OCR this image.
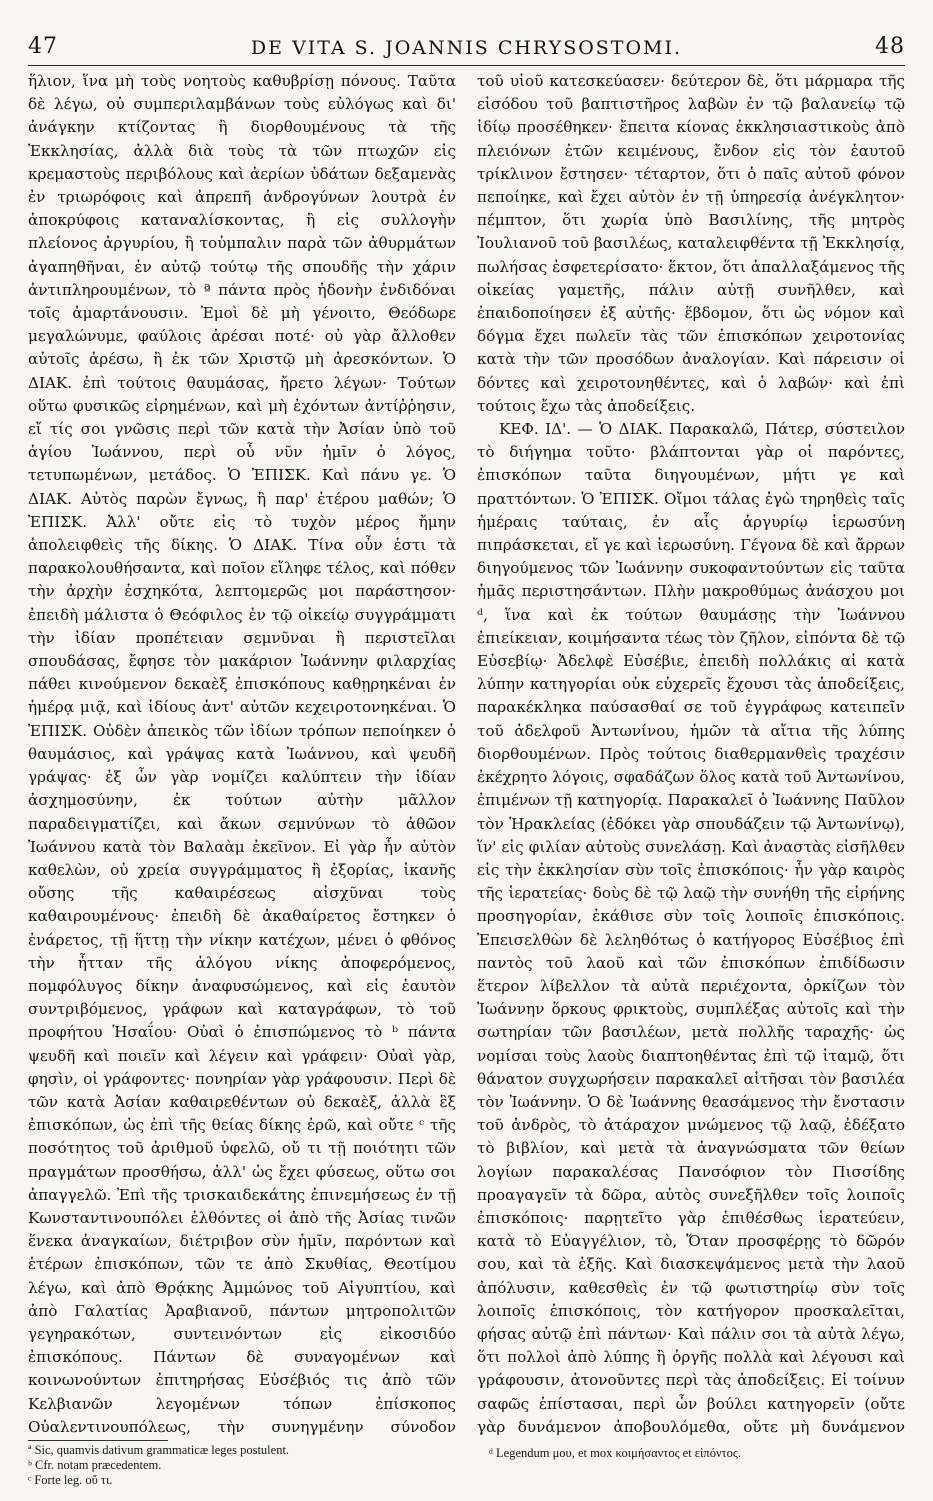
47	DE VITA S. JOANNIS CHRYSOSTOMI.	48

ἥλιον, ἵνα μὴ τοὺς νοητοὺς καθυβρίσῃ πόνους. Ταῦτα δὲ λέγω, οὐ συμπεριλαμβάνων τοὺς εὐλόγως καὶ δι' ἀνάγκην κτίζοντας ἢ διορθουμένους τὰ τῆς Ἐκκλησίας, ἀλλὰ διὰ τοὺς τὰ τῶν πτωχῶν εἰς κρεμαστοὺς περιβόλους καὶ ἀερίων ὑδάτων δεξαμενὰς ἐν τριωρόφοις καὶ ἀπρεπῆ ἀνδρογύνων λουτρὰ ἐν ἀποκρύφοις καταναλίσκοντας, ἢ εἰς συλλογὴν πλείονος ἀργυρίου, ἢ τοὐμπαλιν παρὰ τῶν ἀθυρμάτων ἀγαπηθῆναι, ἐν αὐτῷ τούτῳ τῆς σπουδῆς τὴν χάριν ἀντιπληρουμένων, τὸ ª πάντα πρὸς ἡδονὴν ἐνδιδόναι τοῖς ἁμαρτάνουσιν. Ἐμοὶ δὲ μὴ γένοιτο, Θεόδωρε μεγαλώνυμε, φαύλοις ἀρέσαι ποτέ· οὐ γὰρ ἄλλοθεν αὐτοῖς ἀρέσω, ἢ ἐκ τῶν Χριστῷ μὴ ἀρεσκόντων. Ὁ ΔΙΑΚ. ἐπὶ τούτοις θαυμάσας, ἤρετο λέγων· Τούτων οὕτω φυσικῶς εἰρημένων, καὶ μὴ ἐχόντων ἀντίῤῥησιν, εἴ τίς σοι γνῶσις περὶ τῶν κατὰ τὴν Ἀσίαν ὑπὸ τοῦ ἁγίου Ἰωάννου, περὶ οὗ νῦν ἡμῖν ὁ λόγος, τετυπωμένων, μετάδος. Ὁ ἘΠΙΣΚ. Καὶ πάνυ γε. Ὁ ΔΙΑΚ. Αὐτὸς παρὼν ἔγνως, ἢ παρ' ἑτέρου μαθών; Ὁ ἘΠΙΣΚ. Ἀλλ' οὔτε εἰς τὸ τυχὸν μέρος ἤμην ἀπολειφθεὶς τῆς δίκης. Ὁ ΔΙΑΚ. Τίνα οὖν ἐστι τὰ παρακολουθήσαντα, καὶ ποῖον εἴληφε τέλος, καὶ πόθεν τὴν ἀρχὴν ἐσχηκότα, λεπτομερῶς μοι παράστησον· ἐπειδὴ μάλιστα ὁ Θεόφιλος ἐν τῷ οἰκείῳ συγγράμματι τὴν ἰδίαν προπέτειαν σεμνῦναι ἢ περιστεῖλαι σπουδάσας, ἔφησε τὸν μακάριον Ἰωάννην φιλαρχίας πάθει κινούμενον δεκαὲξ ἐπισκόπους καθῃρηκέναι ἐν ἡμέρᾳ μιᾷ, καὶ ἰδίους ἀντ' αὐτῶν κεχειροτονηκέναι. Ὁ ἘΠΙΣΚ. Οὐδὲν ἀπεικὸς τῶν ἰδίων τρόπων πεποίηκεν ὁ θαυμάσιος, καὶ γράψας κατὰ Ἰωάννου, καὶ ψευδῆ γράψας· ἐξ ὧν γὰρ νομίζει καλύπτειν τὴν ἰδίαν ἀσχημοσύνην, ἐκ τούτων αὐτὴν μᾶλλον παραδειγματίζει, καὶ ἄκων σεμνύνων τὸ ἀθῶον Ἰωάννου κατὰ τὸν Βαλαὰμ ἐκεῖνον. Εἰ γὰρ ἦν αὐτὸν καθελὼν, οὐ χρεία συγγράμματος ἢ ἐξορίας, ἱκανῆς οὔσης τῆς καθαιρέσεως αἰσχῦναι τοὺς καθαιρουμένους· ἐπειδὴ δὲ ἀκαθαίρετος ἔστηκεν ὁ ἐνάρετος, τῇ ἥττῃ τὴν νίκην κατέχων, μένει ὁ φθόνος τὴν ἧτταν τῆς ἀλόγου νίκης ἀποφερόμενος, πομφόλυγος δίκην ἀναφυσώμενος, καὶ εἰς ἑαυτὸν συντριβόμενος, γράφων καὶ καταγράφων, τὸ τοῦ προφήτου Ἡσαΐου· Οὐαὶ ὁ ἐπισπώμενος τὸ ᵇ πάντα ψευδῆ καὶ ποιεῖν καὶ λέγειν καὶ γράφειν· Οὐαὶ γὰρ, φησὶν, οἱ γράφοντες· πονηρίαν γὰρ γράφουσιν. Περὶ δὲ τῶν κατὰ Ἀσίαν καθαιρεθέντων οὐ δεκαὲξ, ἀλλὰ ἓξ ἐπισκόπων, ὡς ἐπὶ τῆς θείας δίκης ἐρῶ, καὶ οὔτε ᶜ τῆς ποσότητος τοῦ ἀριθμοῦ ὑφελῶ, οὔ τι τῇ ποιότητι τῶν πραγμάτων προσθήσω, ἀλλ' ὡς ἔχει φύσεως, οὕτω σοι ἀπαγγελῶ. Ἐπὶ τῆς τρισκαιδεκάτης ἐπινεμήσεως ἐν τῇ Κωνσταντινουπόλει ἐλθόντες οἱ ἀπὸ τῆς Ἀσίας τινῶν ἕνεκα ἀναγκαίων, διέτριβον σὺν ἡμῖν, παρόντων καὶ ἑτέρων ἐπισκόπων, τῶν τε ἀπὸ Σκυθίας, Θεοτίμου λέγω, καὶ ἀπὸ Θρᾴκης Ἀμμώνος τοῦ Αἰγυπτίου, καὶ ἀπὸ Γαλατίας Ἀραβιανοῦ, πάντων μητροπολιτῶν γεγηρακότων, συντεινόντων εἰς εἰκοσιδύο ἐπισκόπους. Πάντων δὲ συναγομένων καὶ κοινωνούντων ἐπιτηρήσας Εὐσέβιός τις ἀπὸ τῶν Κελβιανῶν λεγομένων τόπων ἐπίσκοπος Οὐαλεντινουπόλεως, τὴν συνηγμένην σύνοδον

τοῦ υἱοῦ κατεσκεύασεν· δεύτερον δὲ, ὅτι μάρμαρα τῆς εἰσόδου τοῦ βαπτιστῆρος λαβὼν ἐν τῷ βαλανείῳ τῷ ἰδίῳ προσέθηκεν· ἔπειτα κίονας ἐκκλησιαστικοὺς ἀπὸ πλειόνων ἐτῶν κειμένους, ἔνδον εἰς τὸν ἑαυτοῦ τρίκλινον ἔστησεν· τέταρτον, ὅτι ὁ παῖς αὐτοῦ φόνον πεποίηκε, καὶ ἔχει αὐτὸν ἐν τῇ ὑπηρεσίᾳ ἀνέγκλητον· πέμπτον, ὅτι χωρία ὑπὸ Βασιλίνης, τῆς μητρὸς Ἰουλιανοῦ τοῦ βασιλέως, καταλειφθέντα τῇ Ἐκκλησίᾳ, πωλήσας ἐσφετερίσατο· ἕκτον, ὅτι ἀπαλλαξάμενος τῆς οἰκείας γαμετῆς, πάλιν αὐτῇ συνῆλθεν, καὶ ἐπαιδοποίησεν ἐξ αὐτῆς· ἕβδομον, ὅτι ὡς νόμον καὶ δόγμα ἔχει πωλεῖν τὰς τῶν ἐπισκόπων χειροτονίας κατὰ τὴν τῶν προσόδων ἀναλογίαν. Καὶ πάρεισιν οἱ δόντες καὶ χειροτονηθέντες, καὶ ὁ λαβών· καὶ ἐπὶ τούτοις ἔχω τὰς ἀποδείξεις.

ΚΕΦ. ΙΔ'. — Ὁ ΔΙΑΚ. Παρακαλῶ, Πάτερ, σύστειλον τὸ διήγημα τοῦτο· βλάπτονται γὰρ οἱ παρόντες, ἐπισκόπων ταῦτα διηγουμένων, μήτι γε καὶ πραττόντων. Ὁ ἘΠΙΣΚ. Οἴμοι τάλας ἐγὼ τηρηθεὶς ταῖς ἡμέραις ταύταις, ἐν αἷς ἀργυρίῳ ἱερωσύνη πιπράσκεται, εἴ γε καὶ ἱερωσύνη. Γέγονα δὲ καὶ ἄρρων διηγούμενος τῶν Ἰωάννην συκοφαντούντων εἰς ταῦτα ἡμᾶς περιστησάντων. Πλὴν μακροθύμως ἀνάσχου μοι ᵈ, ἵνα καὶ ἐκ τούτων θαυμάσῃς τὴν Ἰωάννου ἐπιείκειαν, κοιμήσαντα τέως τὸν ζῆλον, εἰπόντα δὲ τῷ Εὐσεβίῳ· Ἀδελφὲ Εὐσέβιε, ἐπειδὴ πολλάκις αἱ κατὰ λύπην κατηγορίαι οὐκ εὐχερεῖς ἔχουσι τὰς ἀποδείξεις, παρακέκληκα παύσασθαί σε τοῦ ἐγγράφως κατειπεῖν τοῦ ἀδελφοῦ Ἀντωνίνου, ἡμῶν τὰ αἴτια τῆς λύπης διορθουμένων. Πρὸς τούτοις διαθερμανθεὶς τραχέσιν ἐκέχρητο λόγοις, σφαδάζων ὅλος κατὰ τοῦ Ἀντωνίνου, ἐπιμένων τῇ κατηγορίᾳ. Παρακαλεῖ ὁ Ἰωάννης Παῦλον τὸν Ἡρακλείας (ἐδόκει γὰρ σπουδάζειν τῷ Ἀντωνίνῳ), ἵν' εἰς φιλίαν αὐτοὺς συνελάσῃ. Καὶ ἀναστὰς εἰσῆλθεν εἰς τὴν ἐκκλησίαν σὺν τοῖς ἐπισκόποις· ἦν γὰρ καιρὸς τῆς ἱερατείας· δοὺς δὲ τῷ λαῷ τὴν συνήθη τῆς εἰρήνης προσηγορίαν, ἐκάθισε σὺν τοῖς λοιποῖς ἐπισκόποις. Ἐπεισελθὼν δὲ λεληθότως ὁ κατήγορος Εὐσέβιος ἐπὶ παντὸς τοῦ λαοῦ καὶ τῶν ἐπισκόπων ἐπιδίδωσιν ἕτερον λίβελλον τὰ αὐτὰ περιέχοντα, ὁρκίζων τὸν Ἰωάννην ὅρκους φρικτοὺς, συμπλέξας αὐτοῖς καὶ τὴν σωτηρίαν τῶν βασιλέων, μετὰ πολλῆς ταραχῆς· ὡς νομίσαι τοὺς λαοὺς διαπτοηθέντας ἐπὶ τῷ ἱταμῷ, ὅτι θάνατον συγχωρήσειν παρακαλεῖ αἰτῆσαι τὸν βασιλέα τὸν Ἰωάννην. Ὁ δὲ Ἰωάννης θεασάμενος τὴν ἔνστασιν τοῦ ἀνδρὸς, τὸ ἀτάραχον μνώμενος τῷ λαῷ, ἐδέξατο τὸ βιβλίον, καὶ μετὰ τὰ ἀναγνώσματα τῶν θείων λογίων παρακαλέσας Πανσόφιον τὸν Πισσίδης προαγαγεῖν τὰ δῶρα, αὐτὸς συνεξῆλθεν τοῖς λοιποῖς ἐπισκόποις· παρῃτεῖτο γὰρ ἐπιθέσθως ἱερατεύειν, κατὰ τὸ Εὐαγγέλιον, τὸ, Ὅταν προσφέρῃς τὸ δῶρόν σου, καὶ τὰ ἑξῆς. Καὶ διασκεψάμενος μετὰ τὴν λαοῦ ἀπόλυσιν, καθεσθεὶς ἐν τῷ φωτιστηρίῳ σὺν τοῖς λοιποῖς ἐπισκόποις, τὸν κατήγορον προσκαλεῖται, φήσας αὐτῷ ἐπὶ πάντων· Καὶ πάλιν σοι τὰ αὐτὰ λέγω, ὅτι πολλοὶ ἀπὸ λύπης ἢ ὀργῆς πολλὰ καὶ λέγουσι καὶ γράφουσιν, ἀτονοῦντες περὶ τὰς ἀποδείξεις. Εἰ τοίνυν σαφῶς ἐπίστασαι, περὶ ὧν βούλει κατηγορεῖν (οὔτε γὰρ δυνάμενον ἀποβουλόμεθα, οὔτε μὴ δυνάμενον

ª Sic, quamvis dativum grammaticæ leges postulent.
ᵇ Cfr. notam præcedentem.
ᶜ Forte leg. οὔ τι.
ᵈ Legendum μου, et mox κοιμήσαντος et εἰπόντος.
